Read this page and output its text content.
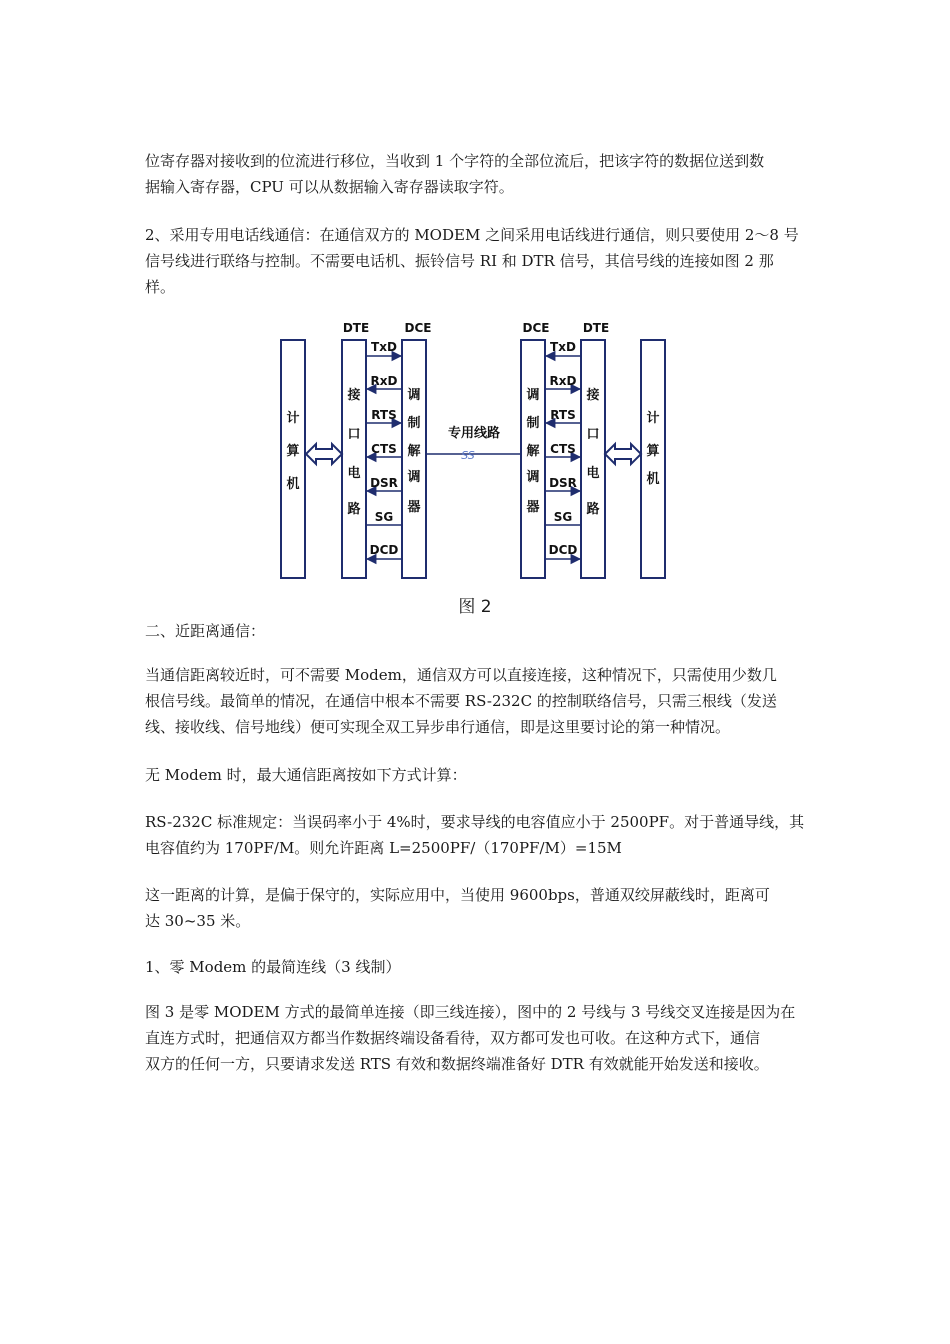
位寄存器对接收到的位流进行移位，当收到 1 个字符的全部位流后，把该字符的数据位送到数
据输入寄存器，CPU 可以从数据输入寄存器读取字符。

2、采用专用电话线通信：在通信双方的 MODEM 之间采用电话线进行通信，则只要使用 2～8 号
信号线进行联络与控制。不需要电话机、振铃信号 RI 和 DTR 信号，其信号线的连接如图 2 那
样。

DTE	DCE	DCE	DTE
计
算
机
接
口
电
路
调
制
解
调
器
调
制
解
调
器
接
口
电
路
计
算
机
TxD
RxD
RTS
CTS
DSR
SG
DCD
TxD
RxD
RTS
CTS
DSR
SG
DCD
专用线路
SS
图 2

二、近距离通信：

当通信距离较近时，可不需要 Modem，通信双方可以直接连接，这种情况下，只需使用少数几
根信号线。最简单的情况，在通信中根本不需要 RS-232C 的控制联络信号，只需三根线（发送
线、接收线、信号地线）便可实现全双工异步串行通信，即是这里要讨论的第一种情况。

无 Modem 时，最大通信距离按如下方式计算：

RS-232C 标准规定：当误码率小于 4%时，要求导线的电容值应小于 2500PF。对于普通导线，其
电容值约为 170PF/M。则允许距离 L=2500PF/（170PF/M）=15M

这一距离的计算，是偏于保守的，实际应用中，当使用 9600bps，普通双绞屏蔽线时，距离可
达 30~35 米。

1、零 Modem 的最简连线（3 线制）

图 3 是零 MODEM 方式的最简单连接（即三线连接），图中的 2 号线与 3 号线交叉连接是因为在
直连方式时，把通信双方都当作数据终端设备看待，双方都可发也可收。在这种方式下，通信
双方的任何一方，只要请求发送 RTS 有效和数据终端准备好 DTR 有效就能开始发送和接收。
